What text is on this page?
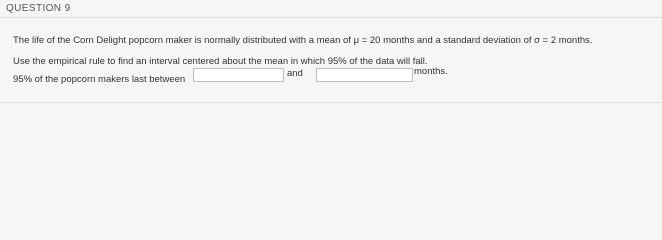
QUESTION 9
The life of the Corn Delight popcorn maker is normally distributed with a mean of μ = 20 months and a standard deviation of σ = 2 months.
Use the empirical rule to find an interval centered about the mean in which 95% of the data will fall.
95% of the popcorn makers last between
and	months.
